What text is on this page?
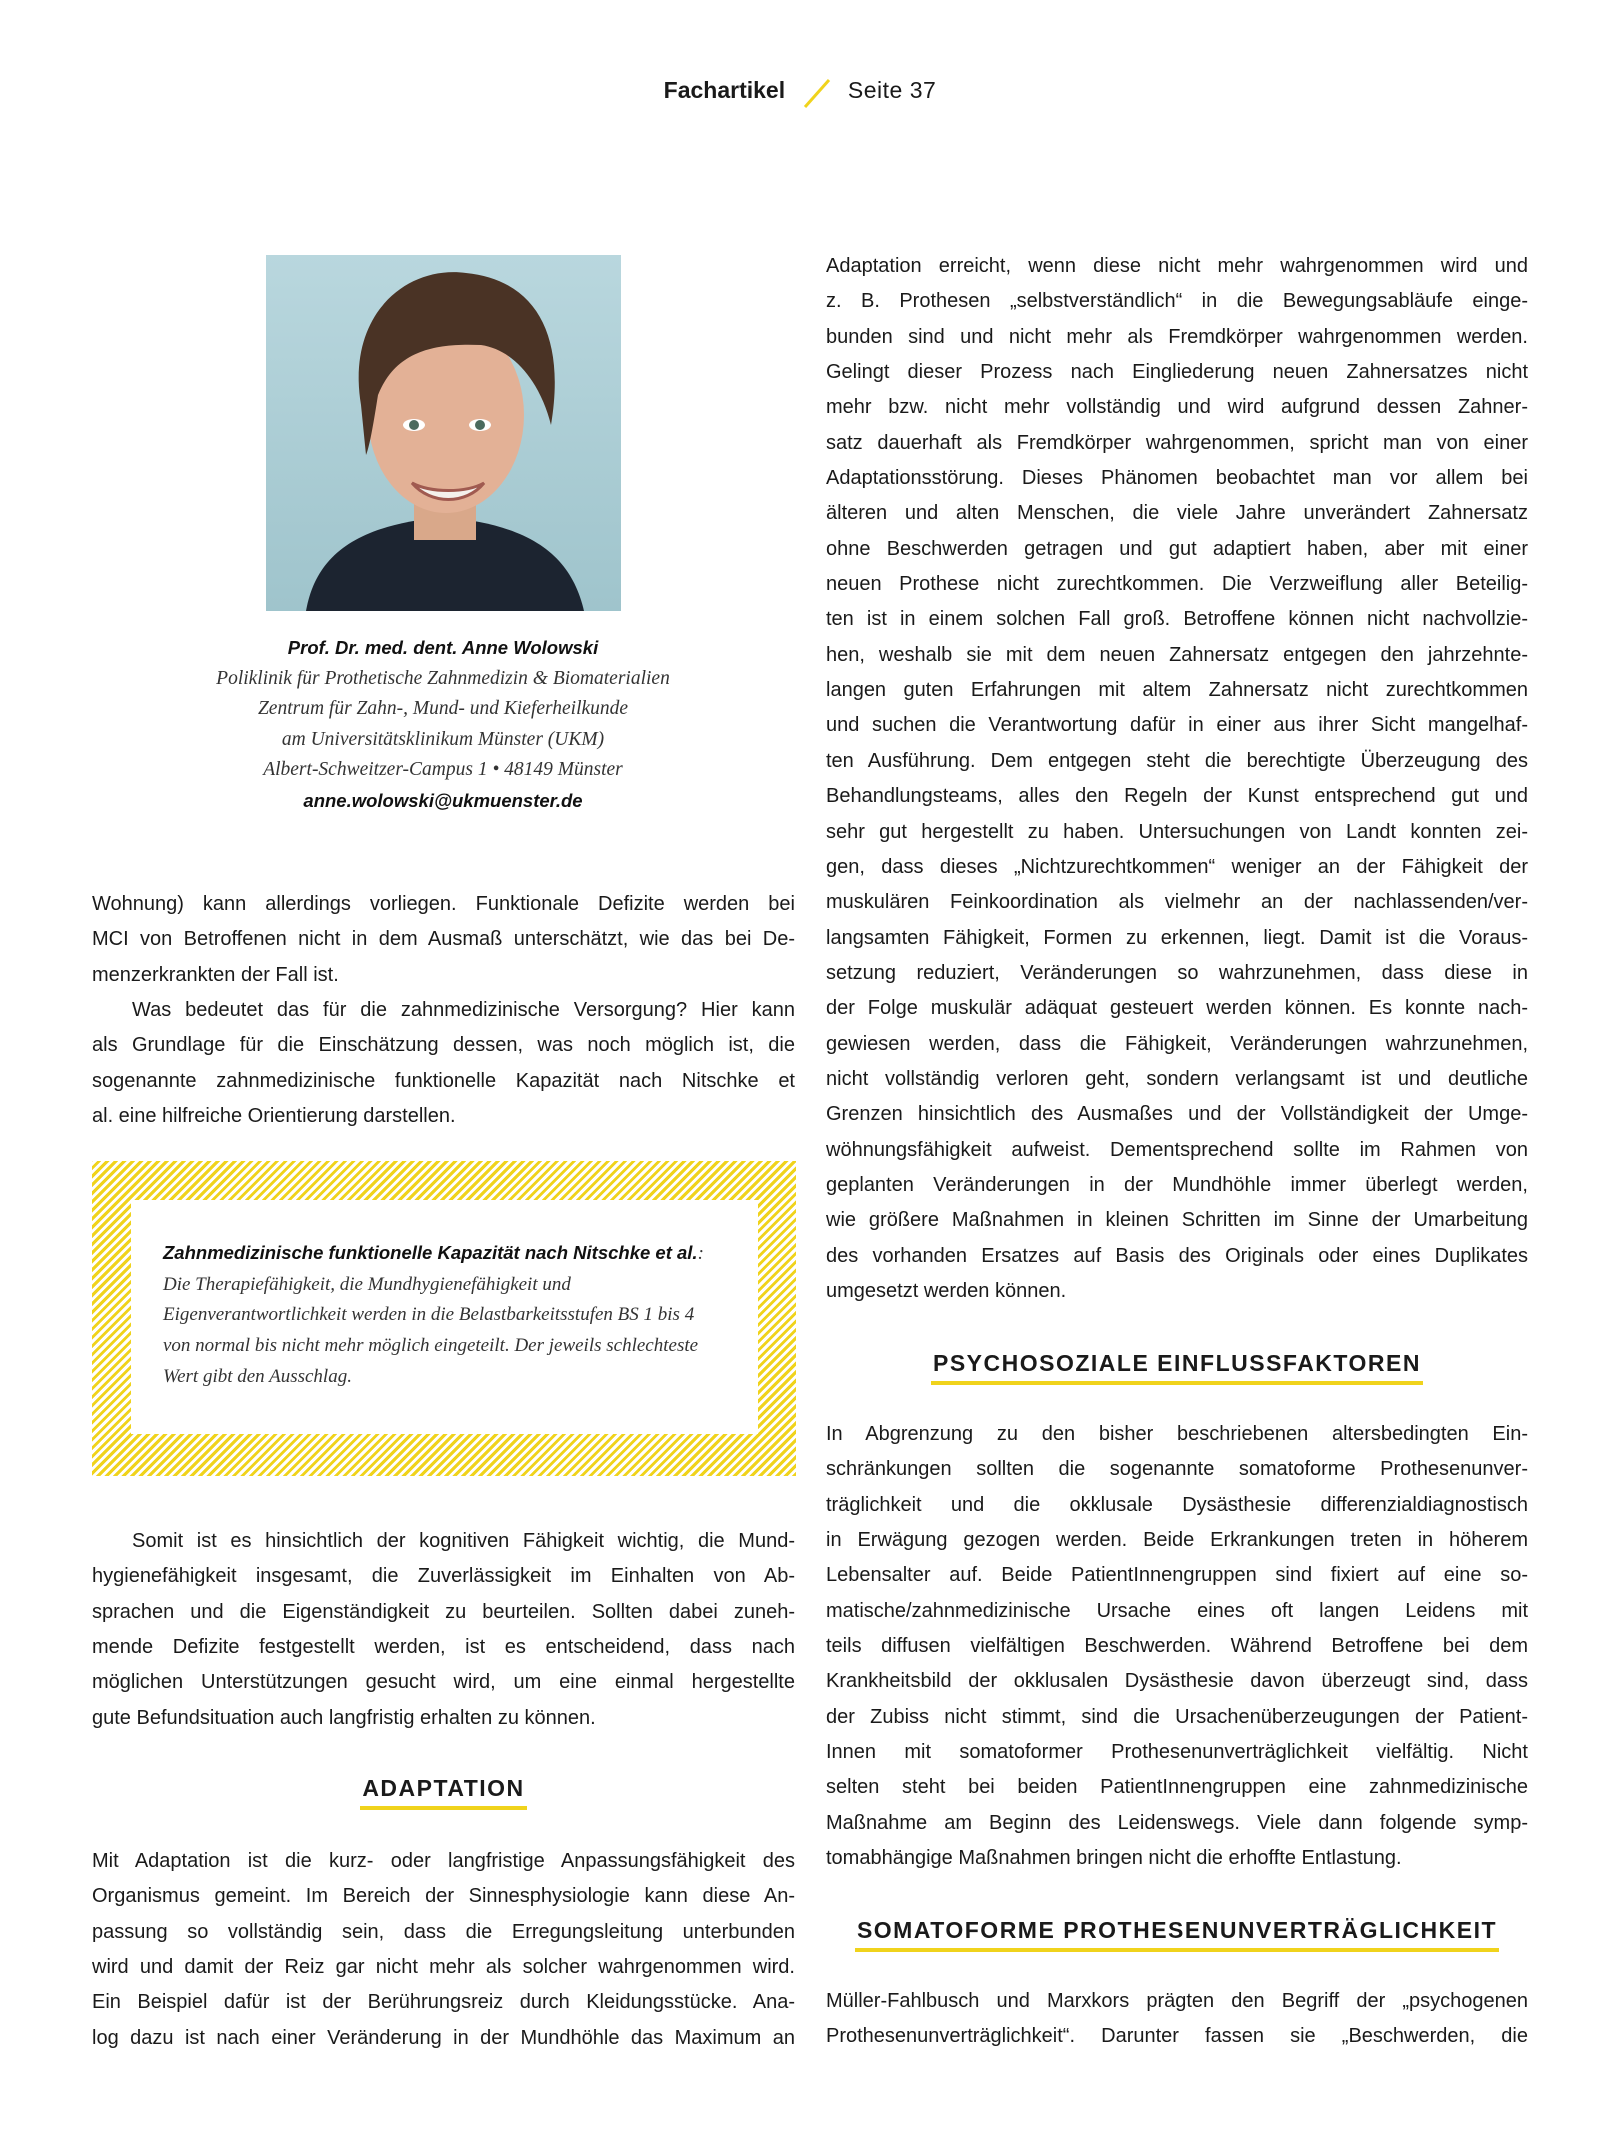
Fachartikel	Seite 37
Prof. Dr. med. dent. Anne Wolowski
Poliklinik für Prothetische Zahnmedizin & Biomaterialien
Zentrum für Zahn-, Mund- und Kieferheilkunde
am Universitätsklinikum Münster (UKM)
Albert-Schweitzer-Campus 1 • 48149 Münster
anne.wolowski@ukmuenster.de
Wohnung) kann allerdings vorliegen. Funktionale Defizite werden bei
MCI von Betroffenen nicht in dem Ausmaß unterschätzt, wie das bei De-
menzerkrankten der Fall ist.
Was bedeutet das für die zahnmedizinische Versorgung? Hier kann
als Grundlage für die Einschätzung dessen, was noch möglich ist, die
sogenannte zahnmedizinische funktionelle Kapazität nach Nitschke et
al. eine hilfreiche Orientierung darstellen.
Zahnmedizinische funktionelle Kapazität nach Nitschke et al.: Die Therapiefähigkeit, die Mundhygienefähigkeit und Eigenverantwortlichkeit werden in die Belastbarkeitsstufen BS 1 bis 4 von normal bis nicht mehr möglich eingeteilt. Der jeweils schlechteste Wert gibt den Ausschlag.
Somit ist es hinsichtlich der kognitiven Fähigkeit wichtig, die Mund-
hygienefähigkeit insgesamt, die Zuverlässigkeit im Einhalten von Ab-
sprachen und die Eigenständigkeit zu beurteilen. Sollten dabei zuneh-
mende Defizite festgestellt werden, ist es entscheidend, dass nach
möglichen Unterstützungen gesucht wird, um eine einmal hergestellte
gute Befundsituation auch langfristig erhalten zu können.
ADAPTATION
Mit Adaptation ist die kurz- oder langfristige Anpassungsfähigkeit des
Organismus gemeint. Im Bereich der Sinnesphysiologie kann diese An-
passung so vollständig sein, dass die Erregungsleitung unterbunden
wird und damit der Reiz gar nicht mehr als solcher wahrgenommen wird.
Ein Beispiel dafür ist der Berührungsreiz durch Kleidungsstücke. Ana-
log dazu ist nach einer Veränderung in der Mundhöhle das Maximum an
Adaptation erreicht, wenn diese nicht mehr wahrgenommen wird und
z. B. Prothesen „selbstverständlich“ in die Bewegungsabläufe einge-
bunden sind und nicht mehr als Fremdkörper wahrgenommen werden.
Gelingt dieser Prozess nach Eingliederung neuen Zahnersatzes nicht
mehr bzw. nicht mehr vollständig und wird aufgrund dessen Zahner-
satz dauerhaft als Fremdkörper wahrgenommen, spricht man von einer
Adaptationsstörung. Dieses Phänomen beobachtet man vor allem bei
älteren und alten Menschen, die viele Jahre unverändert Zahnersatz
ohne Beschwerden getragen und gut adaptiert haben, aber mit einer
neuen Prothese nicht zurechtkommen. Die Verzweiflung aller Beteilig-
ten ist in einem solchen Fall groß. Betroffene können nicht nachvollzie-
hen, weshalb sie mit dem neuen Zahnersatz entgegen den jahrzehnte-
langen guten Erfahrungen mit altem Zahnersatz nicht zurechtkommen
und suchen die Verantwortung dafür in einer aus ihrer Sicht mangelhaf-
ten Ausführung. Dem entgegen steht die berechtigte Überzeugung des
Behandlungsteams, alles den Regeln der Kunst entsprechend gut und
sehr gut hergestellt zu haben. Untersuchungen von Landt konnten zei-
gen, dass dieses „Nichtzurechtkommen“ weniger an der Fähigkeit der
muskulären Feinkoordination als vielmehr an der nachlassenden/ver-
langsamten Fähigkeit, Formen zu erkennen, liegt. Damit ist die Voraus-
setzung reduziert, Veränderungen so wahrzunehmen, dass diese in
der Folge muskulär adäquat gesteuert werden können. Es konnte nach-
gewiesen werden, dass die Fähigkeit, Veränderungen wahrzunehmen,
nicht vollständig verloren geht, sondern verlangsamt ist und deutliche
Grenzen hinsichtlich des Ausmaßes und der Vollständigkeit der Umge-
wöhnungsfähigkeit aufweist. Dementsprechend sollte im Rahmen von
geplanten Veränderungen in der Mundhöhle immer überlegt werden,
wie größere Maßnahmen in kleinen Schritten im Sinne der Umarbeitung
des vorhanden Ersatzes auf Basis des Originals oder eines Duplikates
umgesetzt werden können.
PSYCHOSOZIALE EINFLUSSFAKTOREN
In Abgrenzung zu den bisher beschriebenen altersbedingten Ein-
schränkungen sollten die sogenannte somatoforme Prothesenunver-
träglichkeit und die okklusale Dysästhesie differenzialdiagnostisch
in Erwägung gezogen werden. Beide Erkrankungen treten in höherem
Lebensalter auf. Beide PatientInnengruppen sind fixiert auf eine so-
matische/zahnmedizinische Ursache eines oft langen Leidens mit
teils diffusen vielfältigen Beschwerden. Während Betroffene bei dem
Krankheitsbild der okklusalen Dysästhesie davon überzeugt sind, dass
der Zubiss nicht stimmt, sind die Ursachenüberzeugungen der Patient-
Innen mit somatoformer Prothesenunverträglichkeit vielfältig. Nicht
selten steht bei beiden PatientInnengruppen eine zahnmedizinische
Maßnahme am Beginn des Leidenswegs. Viele dann folgende symp-
tomabhängige Maßnahmen bringen nicht die erhoffte Entlastung.
SOMATOFORME PROTHESENUNVERTRÄGLICHKEIT
Müller-Fahlbusch und Marxkors prägten den Begriff der „psychogenen
Prothesenunverträglichkeit“. Darunter fassen sie „Beschwerden, die
